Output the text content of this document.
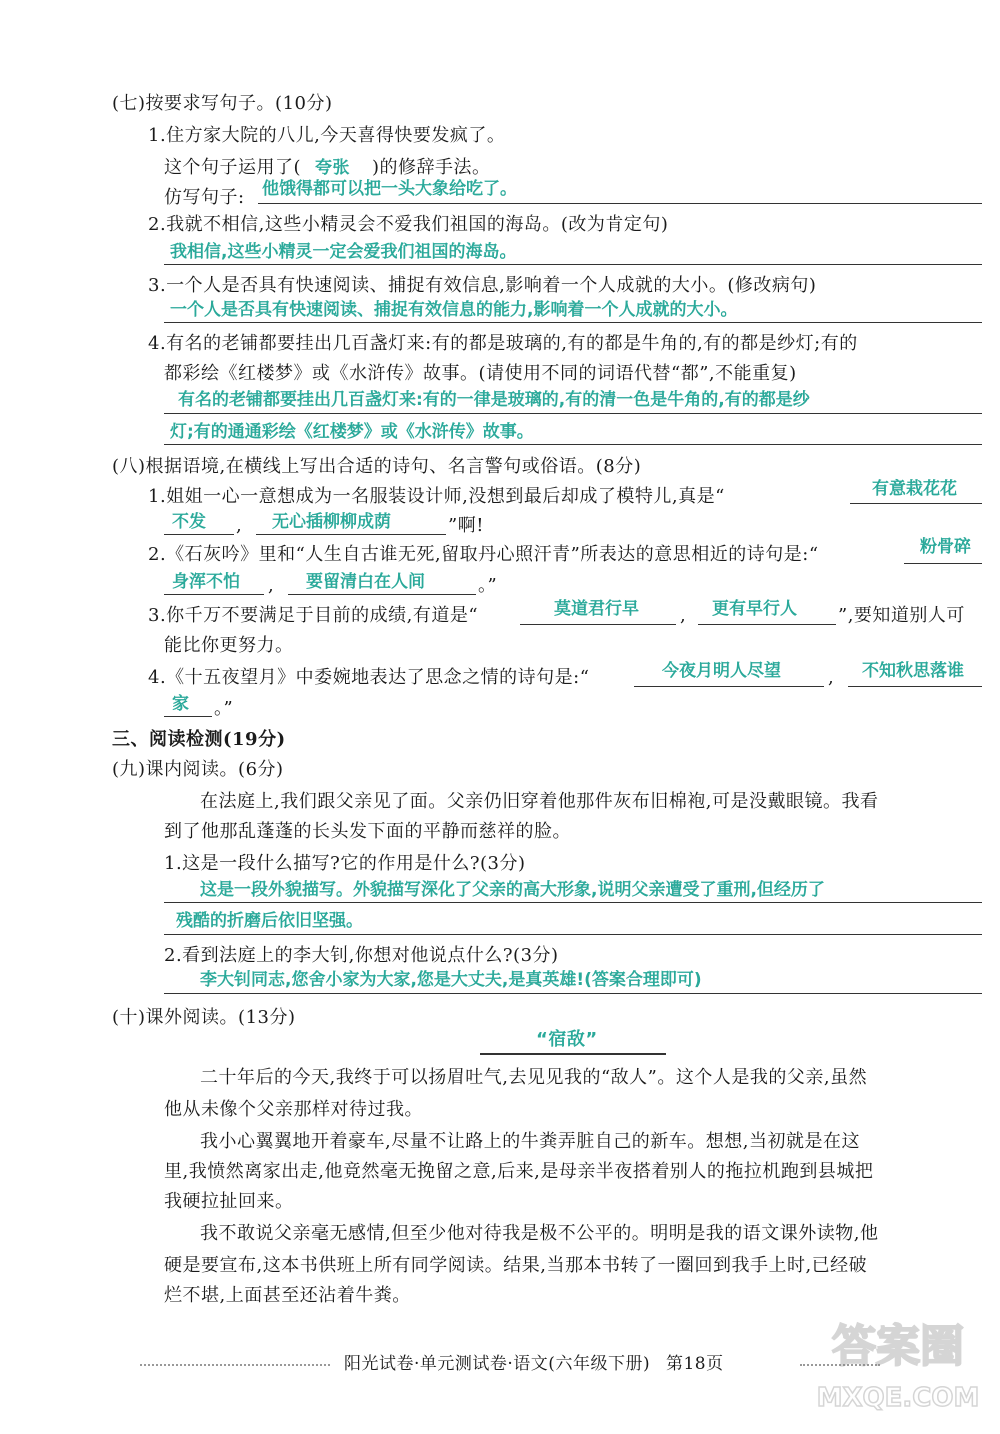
(七)按要求写句子。(10分)
1.住方家大院的八儿,今天喜得快要发疯了。
这个句子运用了( 夸张 )的修辞手法。
仿写句子: 他饿得都可以把一头大象给吃了。
2.我就不相信,这些小精灵会不爱我们祖国的海岛。(改为肯定句)
我相信,这些小精灵一定会爱我们祖国的海岛。
3.一个人是否具有快速阅读、捕捉有效信息,影响着一个人成就的大小。(修改病句)
一个人是否具有快速阅读、捕捉有效信息的能力,影响着一个人成就的大小。
4.有名的老铺都要挂出几百盏灯来:有的都是玻璃的,有的都是牛角的,有的都是纱灯;有的
都彩绘《红楼梦》或《水浒传》故事。(请使用不同的词语代替“都”,不能重复)
有名的老铺都要挂出几百盏灯来:有的一律是玻璃的,有的清一色是牛角的,有的都是纱
灯;有的通通彩绘《红楼梦》或《水浒传》故事。
(八)根据语境,在横线上写出合适的诗句、名言警句或俗语。(8分)
1.姐姐一心一意想成为一名服装设计师,没想到最后却成了模特儿,真是“	有意栽花花
不发 , 无心插柳柳成荫	”啊!
2.《石灰吟》里和“人生自古谁无死,留取丹心照汗青”所表达的意思相近的诗句是:“	粉骨碎
身浑不怕 , 要留清白在人间	。”
3.你千万不要满足于目前的成绩,有道是“	莫道君行早 , 更有早行人 ”,要知道别人可
能比你更努力。
4.《十五夜望月》中委婉地表达了思念之情的诗句是:“	今夜月明人尽望	, 不知秋思落谁
家 。”
三、阅读检测(19分)
(九)课内阅读。(6分)
在法庭上,我们跟父亲见了面。父亲仍旧穿着他那件灰布旧棉袍,可是没戴眼镜。我看
到了他那乱蓬蓬的长头发下面的平静而慈祥的脸。
1.这是一段什么描写?它的作用是什么?(3分)
这是一段外貌描写。外貌描写深化了父亲的高大形象,说明父亲遭受了重刑,但经历了
残酷的折磨后依旧坚强。
2.看到法庭上的李大钊,你想对他说点什么?(3分)
李大钊同志,您舍小家为大家,您是大丈夫,是真英雄!(答案合理即可)
(十)课外阅读。(13分)
“宿敌”
二十年后的今天,我终于可以扬眉吐气,去见见我的“敌人”。这个人是我的父亲,虽然
他从未像个父亲那样对待过我。
我小心翼翼地开着豪车,尽量不让路上的牛粪弄脏自己的新车。想想,当初就是在这
里,我愤然离家出走,他竟然毫无挽留之意,后来,是母亲半夜搭着别人的拖拉机跑到县城把
我硬拉扯回来。
我不敢说父亲毫无感情,但至少他对待我是极不公平的。明明是我的语文课外读物,他
硬是要宣布,这本书供班上所有同学阅读。结果,当那本书转了一圈回到我手上时,已经破
烂不堪,上面甚至还沾着牛粪。
阳光试卷·单元测试卷·语文(六年级下册) 第18页 答案圈
MXQE.COM
